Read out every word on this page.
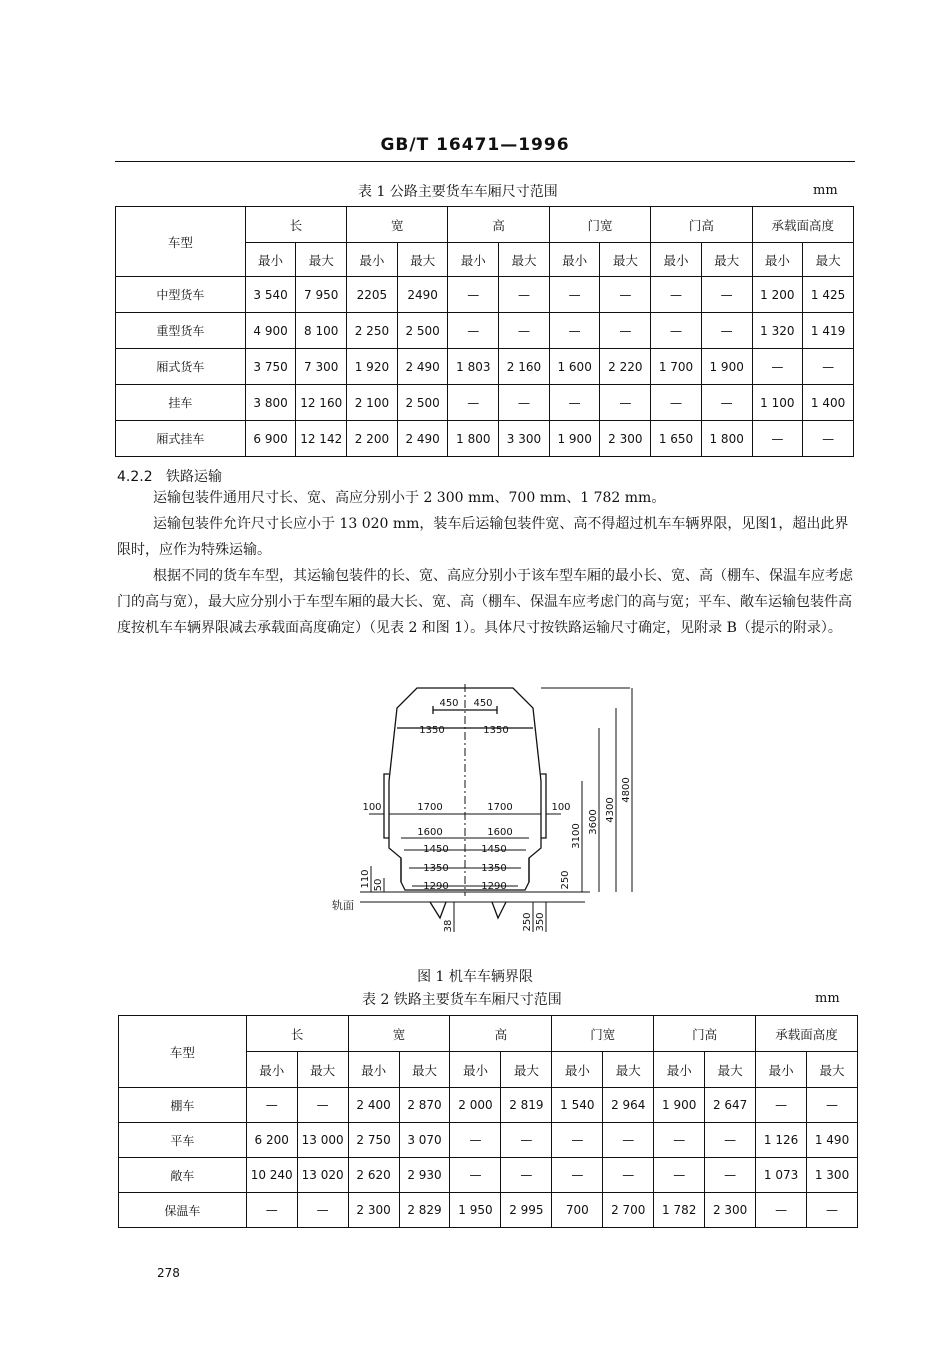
GB/T 16471—1996
表 1 公路主要货车车厢尺寸范围	mm
车型	长		宽		高		门宽		门高		承载面高度	
	最小	最大	最小	最大	最小	最大	最小	最大	最小	最大	最小	最大
中型货车	3 540	7 950	2205	2490	—	—	—	—	—	—	1 200	1 425
重型货车	4 900	8 100	2 250	2 500	—	—	—	—	—	—	1 320	1 419
厢式货车	3 750	7 300	1 920	2 490	1 803	2 160	1 600	2 220	1 700	1 900	—	—
挂车	3 800	12 160	2 100	2 500	—	—	—	—	—	—	1 100	1 400
厢式挂车	6 900	12 142	2 200	2 490	1 800	3 300	1 900	2 300	1 650	1 800	—	—
4.2.2 铁路运输
运输包装件通用尺寸长、宽、高应分别小于 2 300 mm、700 mm、1 782 mm。
运输包装件允许尺寸长应小于 13 020 mm，装车后运输包装件宽、高不得超过机车车辆界限，见图1，超出此界限时，应作为特殊运输。
根据不同的货车车型，其运输包装件的长、宽、高应分别小于该车型车厢的最小长、宽、高（棚车、保温车应考虑门的高与宽），最大应分别小于车型车厢的最大长、宽、高（棚车、保温车应考虑门的高与宽；平车、敞车运输包装件高度按机车车辆界限减去承载面高度确定）（见表 2 和图 1）。具体尺寸按铁路运输尺寸确定，见附录 B（提示的附录）。
450 450
1350	1350
100	100
1700	1700
1600	1600
1450	1450
1350	1350
1290	1290
轨面
3100
3600 4300
4800
110 50	250
38	250 350
图 1 机车车辆界限
表 2 铁路主要货车车厢尺寸范围	mm
车型	长		宽		高		门宽		门高		承载面高度	
	最小	最大	最小	最大	最小	最大	最小	最大	最小	最大	最小	最大
棚车	—	—	2 400	2 870	2 000	2 819	1 540	2 964	1 900	2 647	—	—
平车	6 200	13 000	2 750	3 070	—	—	—	—	—	—	1 126	1 490
敞车	10 240	13 020	2 620	2 930	—	—	—	—	—	—	1 073	1 300
保温车	—	—	2 300	2 829	1 950	2 995	700	2 700	1 782	2 300	—	—
278
